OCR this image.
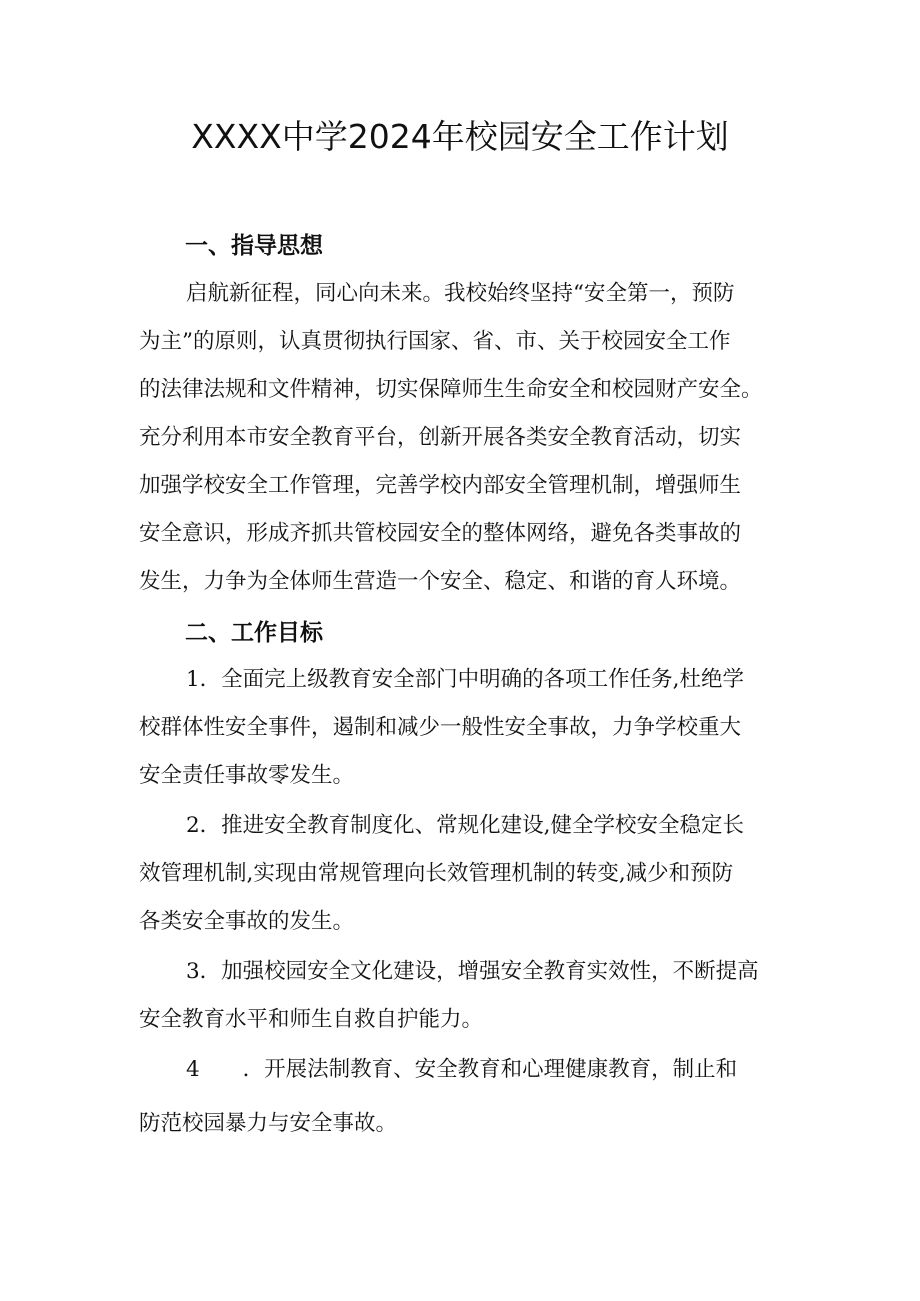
XXXX中学2024年校园安全工作计划
一、指导思想

启航新征程，同心向未来。我校始终坚持“安全第一，预防

为主”的原则，认真贯彻执行国家、省、市、关于校园安全工作

的法律法规和文件精神，切实保障师生生命安全和校园财产安全。

充分利用本市安全教育平台，创新开展各类安全教育活动，切实

加强学校安全工作管理，完善学校内部安全管理机制，增强师生

安全意识，形成齐抓共管校园安全的整体网络，避免各类事故的

发生，力争为全体师生营造一个安全、稳定、和谐的育人环境。

二、工作目标

1．全面完上级教育安全部门中明确的各项工作任务,杜绝学

校群体性安全事件，遏制和减少一般性安全事故，力争学校重大

安全责任事故零发生。

2．推进安全教育制度化、常规化建设,健全学校安全稳定长

效管理机制,实现由常规管理向长效管理机制的转变,减少和预防

各类安全事故的发生。

3．加强校园安全文化建设，增强安全教育实效性，不断提高

安全教育水平和师生自救自护能力。

4　　．开展法制教育、安全教育和心理健康教育，制止和

防范校园暴力与安全事故。
